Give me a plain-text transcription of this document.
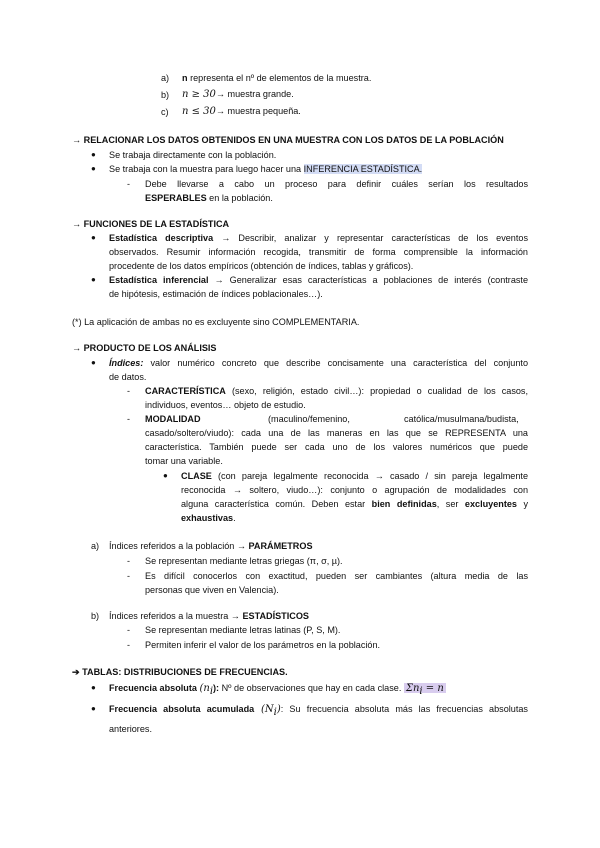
a) n representa el nº de elementos de la muestra.
b) n ≥ 30→ muestra grande.
c) n ≤ 30→ muestra pequeña.
→ RELACIONAR LOS DATOS OBTENIDOS EN UNA MUESTRA CON LOS DATOS DE LA POBLACIÓN
● Se trabaja directamente con la población.
● Se trabaja con la muestra para luego hacer una INFERENCIA ESTADÍSTICA.
- Debe llevarse a cabo un proceso para definir cuáles serían los resultados
ESPERABLES en la población.
→ FUNCIONES DE LA ESTADÍSTICA
● Estadística descriptiva → Describir, analizar y representar características de los eventos
observados. Resumir información recogida, transmitir de forma comprensible la información
procedente de los datos empíricos (obtención de índices, tablas y gráficos).
● Estadística inferencial → Generalizar esas características a poblaciones de interés (contraste
de hipótesis, estimación de índices poblacionales…).
(*) La aplicación de ambas no es excluyente sino COMPLEMENTARIA.
→ PRODUCTO DE LOS ANÁLISIS
● Índices: valor numérico concreto que describe concisamente una característica del conjunto
de datos.
- CARACTERÍSTICA (sexo, religión, estado civil…): propiedad o cualidad de los casos,
individuos, eventos… objeto de estudio.
- MODALIDAD	(maculino/femenino,	católica/musulmana/budista,
casado/soltero/viudo): cada una de las maneras en las que se REPRESENTA una
característica. También puede ser cada uno de los valores numéricos que puede
tomar una variable.
● CLASE (con pareja legalmente reconocida → casado / sin pareja legalmente
reconocida → soltero, viudo…): conjunto o agrupación de modalidades con
alguna característica común. Deben estar bien definidas, ser excluyentes y
exhaustivas.
a) Índices referidos a la población → PARÁMETROS
- Se representan mediante letras griegas (π, σ, µ).
- Es difícil conocerlos con exactitud, pueden ser cambiantes (altura media de las
personas que viven en Valencia).
b) Índices referidos a la muestra → ESTADÍSTICOS
- Se representan mediante letras latinas (P, S, M).
- Permiten inferir el valor de los parámetros en la población.
➔ TABLAS: DISTRIBUCIONES DE FRECUENCIAS.
● Frecuencia absoluta $(n_i)$: Nº de observaciones que hay en cada clase. $\Sigma n_i = n$
● Frecuencia absoluta acumulada $(N_i)$: Su frecuencia absoluta más las frecuencias absolutas
anteriores.
